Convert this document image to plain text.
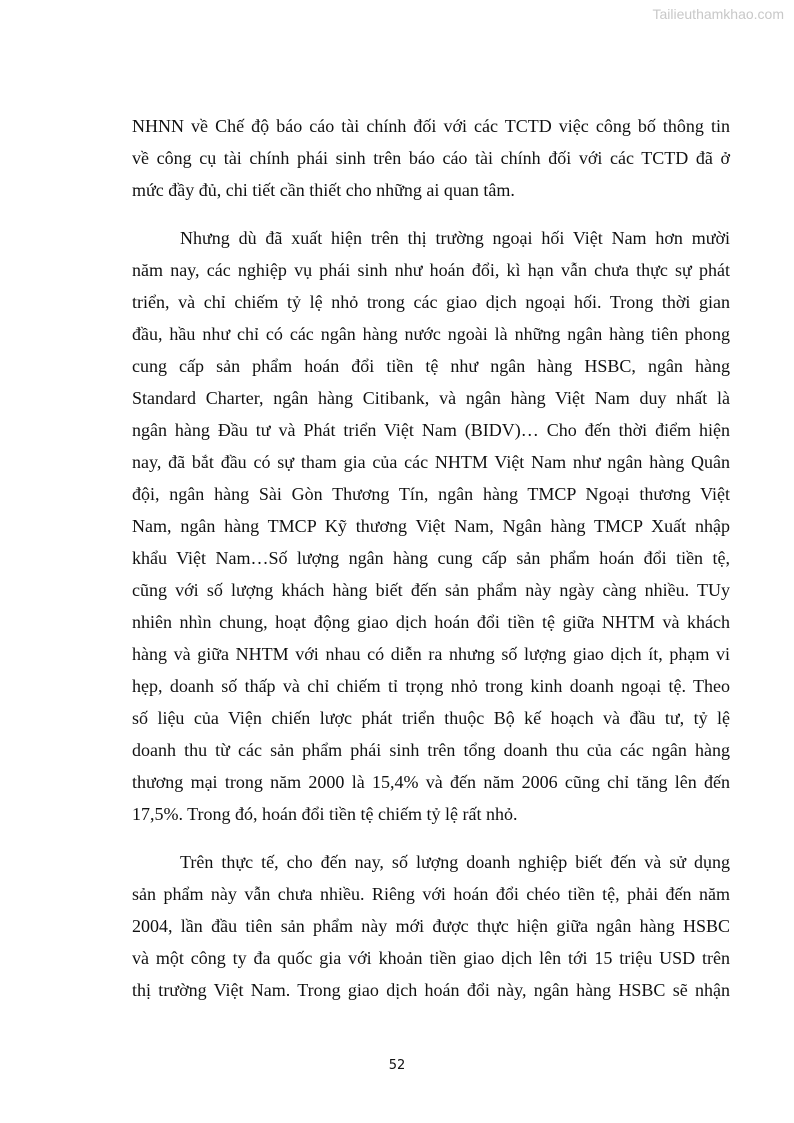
Tailieuthamkhao.com
NHNN về Chế độ báo cáo tài chính đối với các TCTD việc công bố thông tin
về công cụ tài chính phái sinh trên báo cáo tài chính đối với các TCTD đã ở
mức đầy đủ, chi tiết cần thiết cho những ai quan tâm.
Nhưng dù đã xuất hiện trên thị trường ngoại hối Việt Nam hơn mười
năm nay, các nghiệp vụ phái sinh như hoán đổi, kì hạn vẫn chưa thực sự phát
triển, và chỉ chiếm tỷ lệ nhỏ trong các giao dịch ngoại hối. Trong thời gian
đầu, hầu như chỉ có các ngân hàng nước ngoài là những ngân hàng tiên phong
cung cấp sản phẩm hoán đổi tiền tệ như ngân hàng HSBC, ngân hàng
Standard Charter, ngân hàng Citibank, và ngân hàng Việt Nam duy nhất là
ngân hàng Đầu tư và Phát triển Việt Nam (BIDV)… Cho đến thời điểm hiện
nay, đã bắt đầu có sự tham gia của các NHTM Việt Nam như ngân hàng Quân
đội, ngân hàng Sài Gòn Thương Tín, ngân hàng TMCP Ngoại thương Việt
Nam, ngân hàng TMCP Kỹ thương Việt Nam, Ngân hàng TMCP Xuất nhập
khẩu Việt Nam…Số lượng ngân hàng cung cấp sản phẩm hoán đổi tiền tệ,
cũng với số lượng khách hàng biết đến sản phẩm này ngày càng nhiều. TUy
nhiên nhìn chung, hoạt động giao dịch hoán đổi tiền tệ giữa NHTM và khách
hàng và giữa NHTM với nhau có diễn ra nhưng số lượng giao dịch ít, phạm vi
hẹp, doanh số thấp và chỉ chiếm tỉ trọng nhỏ trong kinh doanh ngoại tệ. Theo
số liệu của Viện chiến lược phát triển thuộc Bộ kế hoạch và đầu tư, tỷ lệ
doanh thu từ các sản phẩm phái sinh trên tổng doanh thu của các ngân hàng
thương mại trong năm 2000 là 15,4% và đến năm 2006 cũng chỉ tăng lên đến
17,5%. Trong đó, hoán đổi tiền tệ chiếm tỷ lệ rất nhỏ.
Trên thực tế, cho đến nay, số lượng doanh nghiệp biết đến và sử dụng
sản phẩm này vẫn chưa nhiều. Riêng với hoán đổi chéo tiền tệ, phải đến năm
2004, lần đầu tiên sản phẩm này mới được thực hiện giữa ngân hàng HSBC
và một công ty đa quốc gia với khoản tiền giao dịch lên tới 15 triệu USD trên
thị trường Việt Nam. Trong giao dịch hoán đổi này, ngân hàng HSBC sẽ nhận
52
